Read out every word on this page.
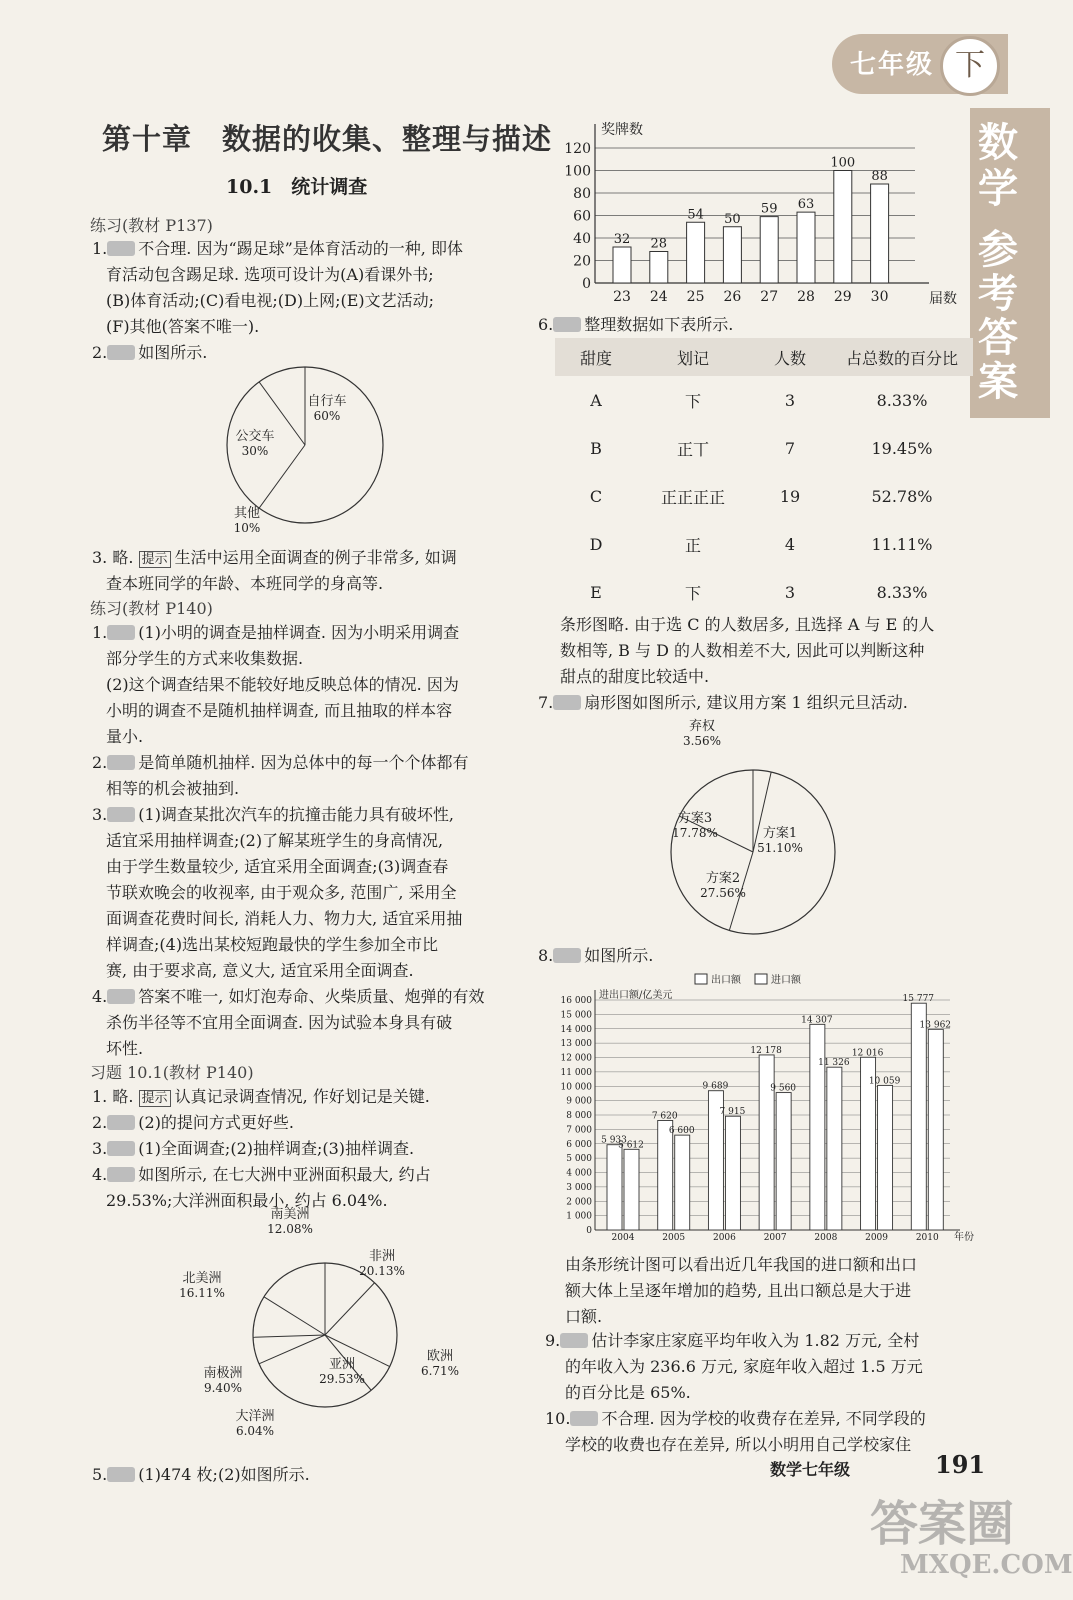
七年级 下
数学
参考答案
第十章　数据的收集、整理与描述
10.1　统计调查
练习(教材 P137)
1. 不合理. 因为“踢足球”是体育活动的一种, 即体
育活动包含踢足球. 选项可设计为(A)看课外书;
(B)体育活动;(C)看电视;(D)上网;(E)文艺活动;
(F)其他(答案不唯一).
2. 如图所示.
自行车
60%
公交车
30%
其他
10%
3. 略. 提示 生活中运用全面调查的例子非常多, 如调
查本班同学的年龄、本班同学的身高等.
练习(教材 P140)
1. (1)小明的调查是抽样调查. 因为小明采用调查
部分学生的方式来收集数据.
(2)这个调查结果不能较好地反映总体的情况. 因为
小明的调查不是随机抽样调查, 而且抽取的样本容
量小.
2. 是简单随机抽样. 因为总体中的每一个个体都有
相等的机会被抽到.
3. (1)调查某批次汽车的抗撞击能力具有破坏性,
适宜采用抽样调查;(2)了解某班学生的身高情况,
由于学生数量较少, 适宜采用全面调查;(3)调查春
节联欢晚会的收视率, 由于观众多, 范围广, 采用全
面调查花费时间长, 消耗人力、物力大, 适宜采用抽
样调查;(4)选出某校短跑最快的学生参加全市比
赛, 由于要求高, 意义大, 适宜采用全面调查.
4. 答案不唯一, 如灯泡寿命、火柴质量、炮弹的有效
杀伤半径等不宜用全面调查. 因为试验本身具有破
坏性.
习题 10.1(教材 P140)
1. 略. 提示 认真记录调查情况, 作好划记是关键.
2. (2)的提问方式更好些.
3. (1)全面调查;(2)抽样调查;(3)抽样调查.
4. 如图所示, 在七大洲中亚洲面积最大, 约占
29.53%;大洋洲面积最小, 约占 6.04%.
南美洲
12.08%
非洲
20.13%
欧洲
6.71%
亚洲
29.53%
大洋洲
6.04%
南极洲
9.40%
北美洲
16.11%
5. (1)474 枚;(2)如图所示.
0
20
40
60
80
100
120
奖牌数
届数
32
23
28
24
54
25
50
26
59
27
63
28
100
29
88
30
6. 整理数据如下表所示.
甜度	划记	人数	占总数的百分比
A	下	3	8.33%
B	正丅	7	19.45%
C	正正正正	19	52.78%
D	正	4	11.11%
E	下	3	8.33%
条形图略. 由于选 C 的人数居多, 且选择 A 与 E 的人
数相等, B 与 D 的人数相差不大, 因此可以判断这种
甜点的甜度比较适中.
7. 扇形图如图所示, 建议用方案 1 组织元旦活动.
弃权
3.56%
方案1
51.10%
方案2
27.56%
方案3
17.78%
8. 如图所示.
出口额	进口额
0
1 000
2 000
3 000
4 000
5 000
6 000
7 000
8 000
9 000
10 000
11 000
12 000
13 000
14 000
15 000
16 000 进出口额/亿美元
年份
5 933
5 612
2004
7 620
6 600
2005
9 689
7 915
2006
12 178
9 560
2007
14 307
11 326
2008
12 016
10 059
2009
15 777
13 962
2010
由条形统计图可以看出近几年我国的进口额和出口
额大体上呈逐年增加的趋势, 且出口额总是大于进
口额.
9. 估计李家庄家庭平均年收入为 1.82 万元, 全村
的年收入为 236.6 万元, 家庭年收入超过 1.5 万元
的百分比是 65%.
10. 不合理. 因为学校的收费存在差异, 不同学段的
学校的收费也存在差异, 所以小明用自己学校家住
数学七年级	191
答案圈
MXQE.COM
